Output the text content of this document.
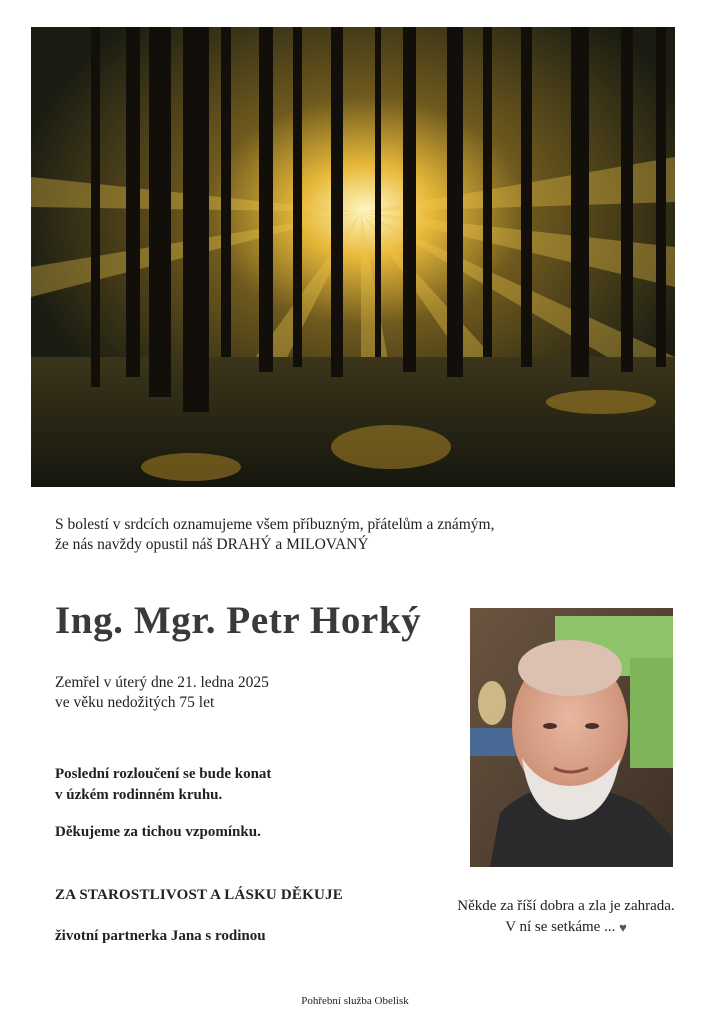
S bolestí v srdcích oznamujeme všem příbuzným, přátelům a známým,
že nás navždy opustil náš DRAHÝ a MILOVANÝ
Ing. Mgr. Petr Horký
Zemřel v úterý dne 21. ledna 2025
ve věku nedožitých 75 let
Poslední rozloučení se bude konat
v úzkém rodinném kruhu.
Děkujeme za tichou vzpomínku.
ZA STAROSTLIVOST A LÁSKU DĚKUJE
životní partnerka Jana s rodinou
Někde za říší dobra a zla je zahrada.
V ní se setkáme ... ♥
Pohřební služba Obelisk
